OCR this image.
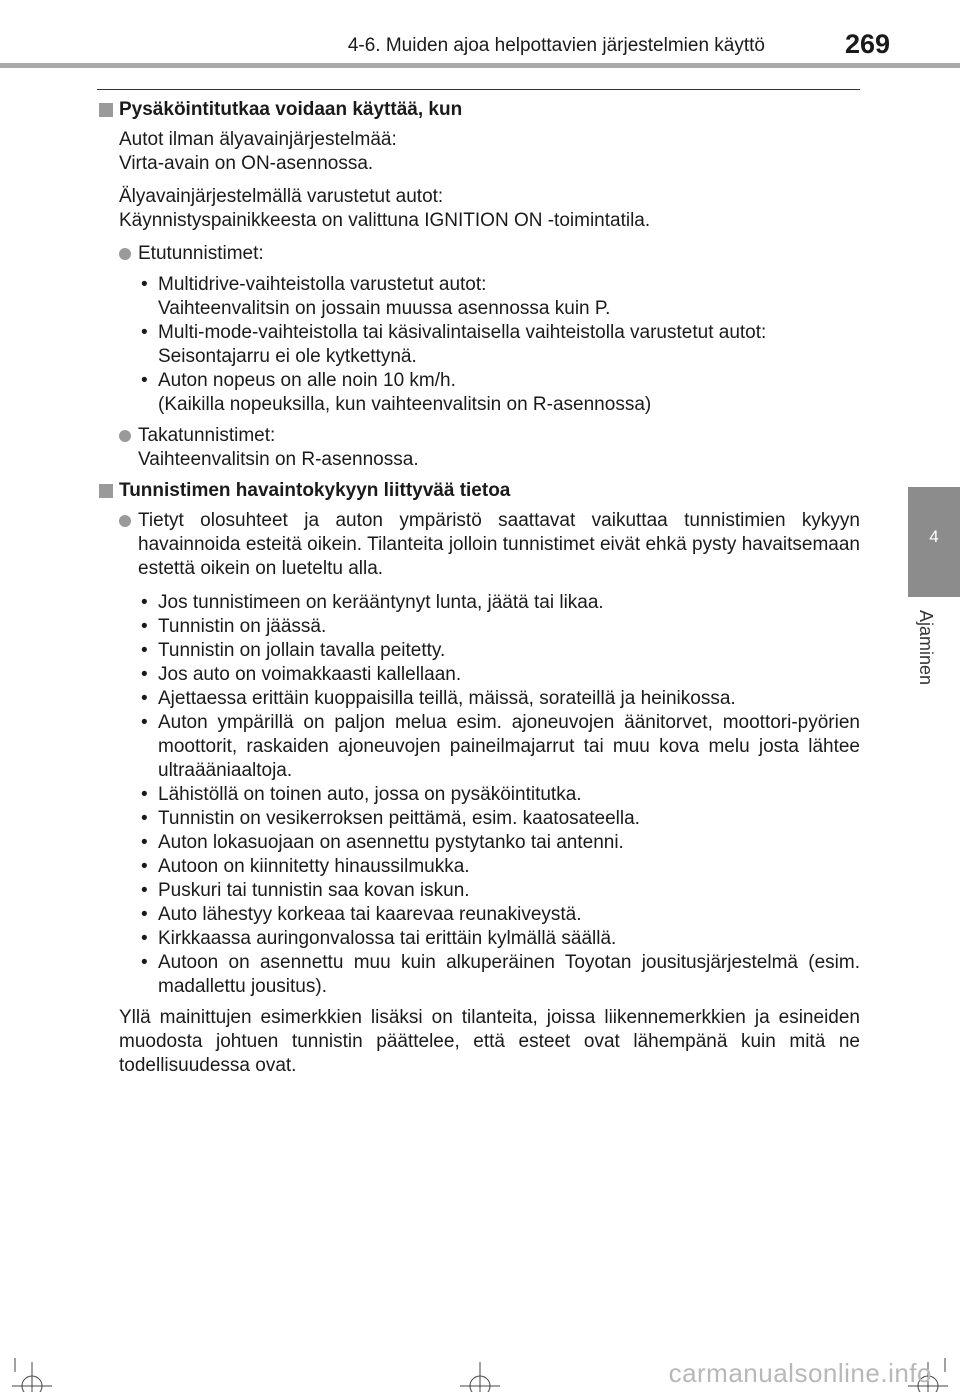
4-6. Muiden ajoa helpottavien järjestelmien käyttö	269
4
Ajaminen
Pysäköintitutkaa voidaan käyttää, kun
Autot ilman älyavainjärjestelmää:
Virta-avain on ON-asennossa.
Älyavainjärjestelmällä varustetut autot:
Käynnistyspainikkeesta on valittuna IGNITION ON -toimintatila.
Etutunnistimet:
• Multidrive-vaihteistolla varustetut autot:
Vaihteenvalitsin on jossain muussa asennossa kuin P.
• Multi-mode-vaihteistolla tai käsivalintaisella vaihteistolla varustetut autot:
Seisontajarru ei ole kytkettynä.
• Auton nopeus on alle noin 10 km/h.
(Kaikilla nopeuksilla, kun vaihteenvalitsin on R-asennossa)
Takatunnistimet:
Vaihteenvalitsin on R-asennossa.
Tunnistimen havaintokykyyn liittyvää tietoa
Tietyt olosuhteet ja auton ympäristö saattavat vaikuttaa tunnistimien kykyyn havainnoida esteitä oikein. Tilanteita jolloin tunnistimet eivät ehkä pysty havaitsemaan estettä oikein on lueteltu alla.
• Jos tunnistimeen on kerääntynyt lunta, jäätä tai likaa.
• Tunnistin on jäässä.
• Tunnistin on jollain tavalla peitetty.
• Jos auto on voimakkaasti kallellaan.
• Ajettaessa erittäin kuoppaisilla teillä, mäissä, sorateillä ja heinikossa.
• Auton ympärillä on paljon melua esim. ajoneuvojen äänitorvet, moottori-pyörien moottorit, raskaiden ajoneuvojen paineilmajarrut tai muu kova melu josta lähtee ultraääniaaltoja.
• Lähistöllä on toinen auto, jossa on pysäköintitutka.
• Tunnistin on vesikerroksen peittämä, esim. kaatosateella.
• Auton lokasuojaan on asennettu pystytanko tai antenni.
• Autoon on kiinnitetty hinaussilmukka.
• Puskuri tai tunnistin saa kovan iskun.
• Auto lähestyy korkeaa tai kaarevaa reunakiveystä.
• Kirkkaassa auringonvalossa tai erittäin kylmällä säällä.
• Autoon on asennettu muu kuin alkuperäinen Toyotan jousitusjärjestelmä (esim. madallettu jousitus).
Yllä mainittujen esimerkkien lisäksi on tilanteita, joissa liikennemerkkien ja esineiden muodosta johtuen tunnistin päättelee, että esteet ovat lähempänä kuin mitä ne todellisuudessa ovat.
carmanualsonline.info
